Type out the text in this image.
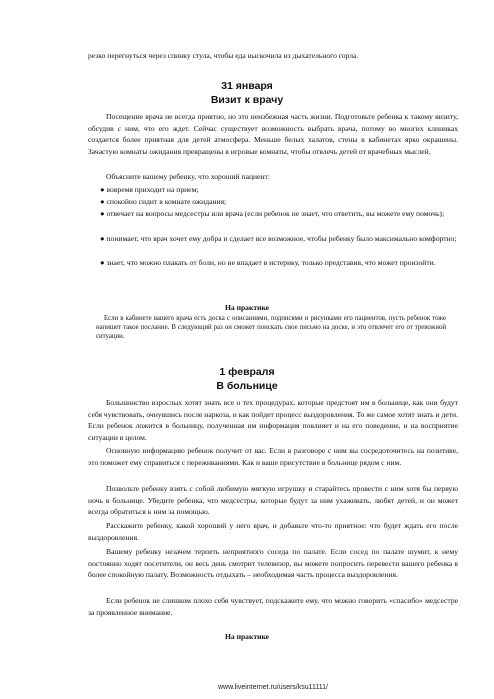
резко перегнуться через спинку стула, чтобы еда выскочила из дыхательного горла.

31 января

Визит к врачу

Посещение врача не всегда приятно, но это неизбежная часть жизни. Подготовьте ребенка к такому визиту, обсудив с ним, что его ждет. Сейчас существует возможность выбрать врача, потому во многих клиниках создается более приятная для детей атмосфера. Меньше белых халатов, стены в кабинетах ярко окрашены. Зачастую комнаты ожидания превращены в игровые комнаты, чтобы отвлечь детей от врачебных мыслей.

Объясните вашему ребенку, что хороший пациент:

● вовремя приходит на прием;

● спокойно сидит в комнате ожидания;

● отвечает на вопросы медсестры или врача (если ребенок не знает, что ответить, вы можете ему помочь);

● понимает, что врач хочет ему добра и сделает все возможное, чтобы ребенку было максимально комфортно;

● знает, что можно плакать от боли, но не впадает в истерику, только представив, что может произойти.

На практике

Если в кабинете вашего врача есть доска с описаниями, подписями и рисунками его пациентов, пусть ребенок тоже напишет такое послание. В следующий раз он сможет поискать свое письмо на доске, и это отвлечет его от тревожной ситуации.

1 февраля

В больнице

Большинство взрослых хотят знать все о тех процедурах, которые предстоят им в больнице, как они будут себя чувствовать, очнувшись после наркоза, и как пойдет процесс выздоровления. То же самое хотят знать и дети. Если ребенок ложится в больницу, полученная им информация повлияет и на его поведение, и на восприятие ситуации в целом.

Основную информацию ребенок получит от вас. Если в разговоре с ним вы сосредоточитесь на позитиве, это поможет ему справиться с переживаниями. Как и ваше присутствие в больнице рядом с ним.

Позвольте ребенку взять с собой любимую мягкую игрушку и старайтесь провести с ним хотя бы первую ночь в больнице. Убедите ребенка, что медсестры, которые будут за ним ухаживать, любят детей, и он может всегда обратиться к ним за помощью.

Расскажите ребенку, какой хороший у него врач, и добавьте что-то приятное: что будет ждать его после выздоровления.

Вашему ребенку незачем терпеть неприятного соседа по палате. Если сосед по палате шумит, к нему постоянно ходят посетители, он весь день смотрит телевизор, вы можете попросить перевести вашего ребенка в более спокойную палату. Возможность отдыхать – необходимая часть процесса выздоровления.

Если ребенок не слишком плохо себя чувствует, подскажите ему, что можно говорить «спасибо» медсестре за проявленное внимание.

На практике

www.liveinternet.ru/users/ksu11111/
